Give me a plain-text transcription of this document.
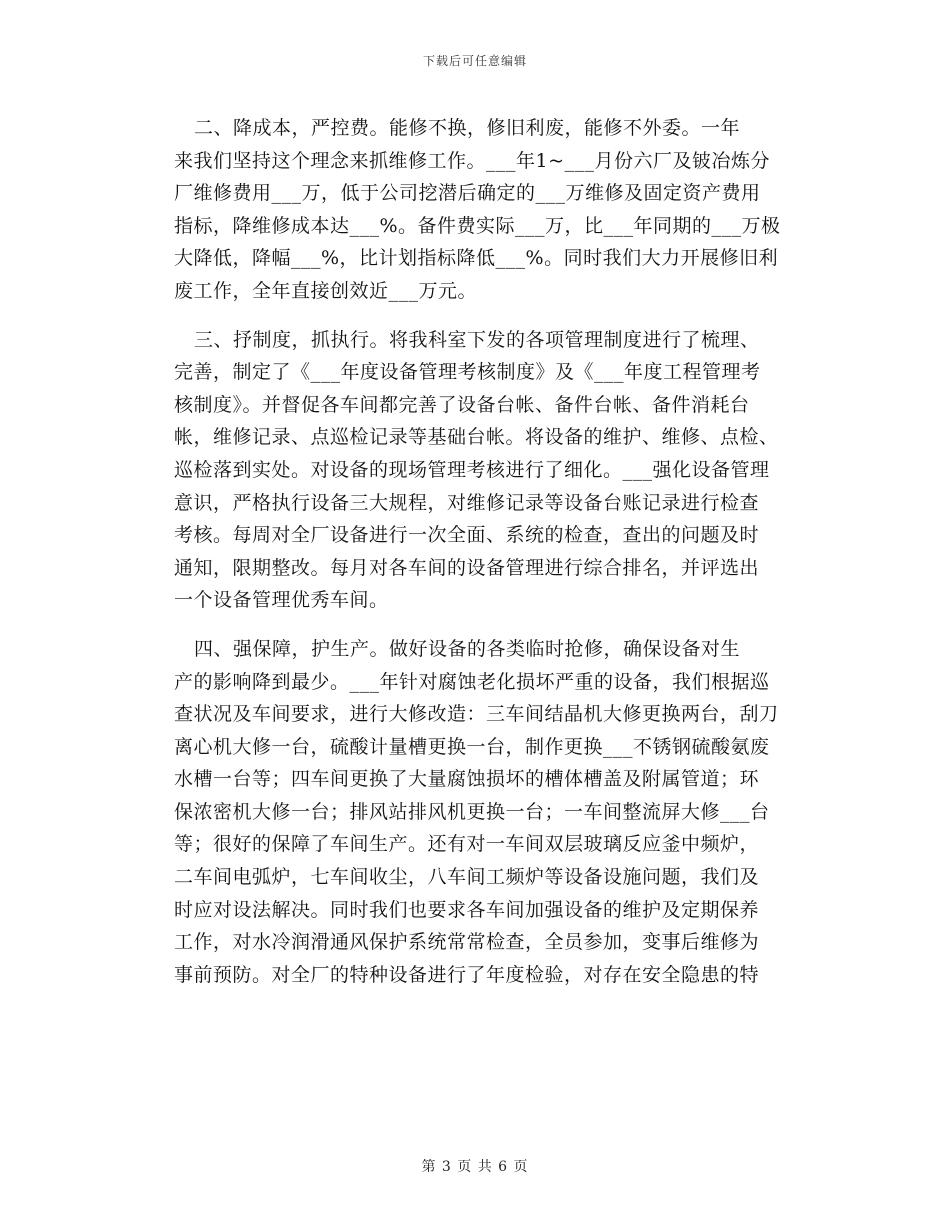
下载后可任意编辑

二、降成本，严控费。能修不换，修旧利废，能修不外委。一年
来我们坚持这个理念来抓维修工作。___年1~___月份六厂及铍冶炼分
厂维修费用___万，低于公司挖潜后确定的___万维修及固定资产费用
指标，降维修成本达___%。备件费实际___万，比___年同期的___万极
大降低，降幅___%，比计划指标降低___%。同时我们大力开展修旧利
废工作，全年直接创效近___万元。

三、抒制度，抓执行。将我科室下发的各项管理制度进行了梳理、
完善，制定了《___年度设备管理考核制度》及《___年度工程管理考
核制度》。并督促各车间都完善了设备台帐、备件台帐、备件消耗台
帐，维修记录、点巡检记录等基础台帐。将设备的维护、维修、点检、
巡检落到实处。对设备的现场管理考核进行了细化。___强化设备管理
意识，严格执行设备三大规程，对维修记录等设备台账记录进行检查
考核。每周对全厂设备进行一次全面、系统的检查，查出的问题及时
通知，限期整改。每月对各车间的设备管理进行综合排名，并评选出
一个设备管理优秀车间。

四、强保障，护生产。做好设备的各类临时抢修，确保设备对生
产的影响降到最少。___年针对腐蚀老化损坏严重的设备，我们根据巡
查状况及车间要求，进行大修改造：三车间结晶机大修更换两台，刮刀
离心机大修一台，硫酸计量槽更换一台，制作更换___不锈钢硫酸氨废
水槽一台等；四车间更换了大量腐蚀损坏的槽体槽盖及附属管道；环
保浓密机大修一台；排风站排风机更换一台；一车间整流屏大修___台
等；很好的保障了车间生产。还有对一车间双层玻璃反应釜中频炉，
二车间电弧炉，七车间收尘，八车间工频炉等设备设施问题，我们及
时应对设法解决。同时我们也要求各车间加强设备的维护及定期保养
工作，对水冷润滑通风保护系统常常检查，全员参加，变事后维修为
事前预防。对全厂的特种设备进行了年度检验，对存在安全隐患的特

第 3 页 共 6 页
